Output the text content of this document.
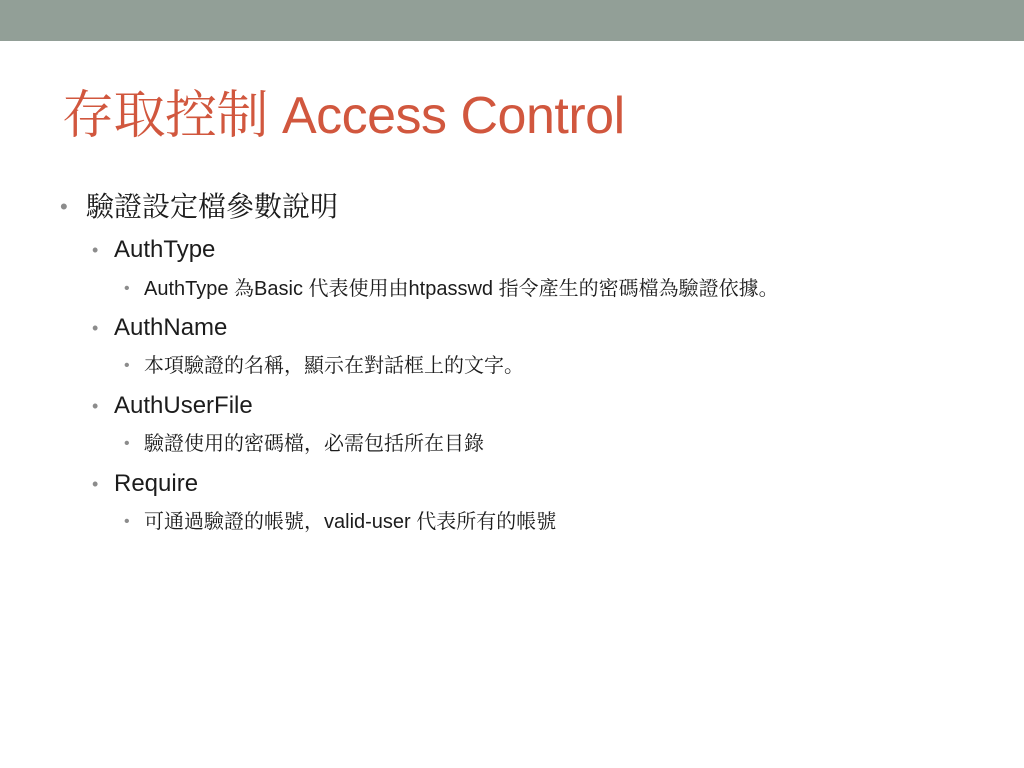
存取控制 Access Control
• 驗證設定檔參數說明
• AuthType
• AuthType 為Basic 代表使用由htpasswd 指令產生的密碼檔為驗證依據。
• AuthName
• 本項驗證的名稱，顯示在對話框上的文字。
• AuthUserFile
• 驗證使用的密碼檔，必需包括所在目錄
• Require
• 可通過驗證的帳號，valid-user 代表所有的帳號
